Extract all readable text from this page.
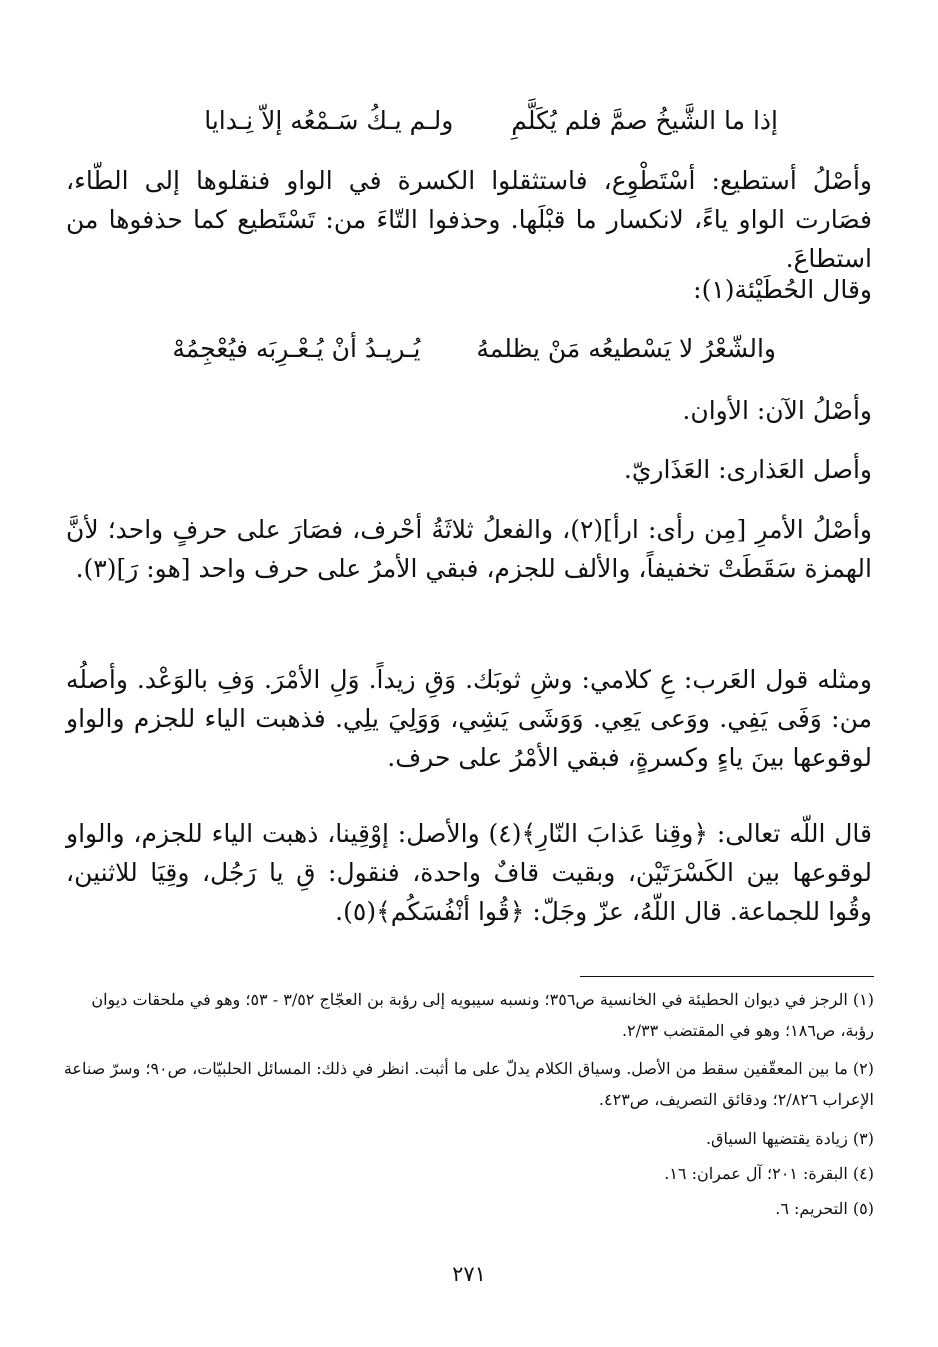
إذا ما الشَّيخُ صمَّ فلم يُكَلَّمِ ولـم يـكُ سَـمْعُه إلاّ نِـدايا
وأصْلُ أستطيع: أسْتَطْوِع، فاستثقلوا الكسرة في الواو فنقلوها إلى الطّاء، فصَارت الواو ياءً، لانكسار ما قبْلَها. وحذفوا التّاءَ من: تَسْتَطيع كما حذفوها من استطاعَ.
وقال الحُطَيْئة(١):
والشّعْرُ لا يَسْطيعُه مَنْ يظلمهُ يُـريـدُ أنْ يُـعْـرِبَه فيُعْجِمُهْ
وأصْلُ الآن: الأوان.
وأصل العَذارى: العَذَاريّ.
وأصْلُ الأمرِ [مِن رأى: ارأ](٢)، والفعلُ ثلاثَةُ أحْرف، فصَارَ على حرفٍ واحد؛ لأنَّ الهمزة سَقَطَتْ تخفيفاً، والألف للجزم، فبقي الأمرُ على حرف واحد [هو: رَ](٣).
ومثله قول العَرب: عِ كلامي: وشِ ثوبَك. وَقِ زيداً. وَلِ الأمْرَ. وَفِ بالوَعْد. وأصلُه من: وَفَى يَفِي. ووَعى يَعِي. وَوَشَى يَشِي، وَوَلِيَ يلِي. فذهبت الياء للجزم والواو لوقوعها بينَ ياءٍ وكسرةٍ، فبقي الأمْرُ على حرف.
قال اللّه تعالى: ﴿وقِنا عَذابَ النّارِ﴾(٤) والأصل: إوْقِينا، ذهبت الياء للجزم، والواو لوقوعها بين الكَسْرَتَيْن، وبقيت قافٌ واحدة، فنقول: قِ يا رَجُل، وقِيَا للاثنين، وقُوا للجماعة. قال اللّهُ، عزّ وجَلّ: ﴿قُوا أنْفُسَكُم﴾(٥).
(١) الرجز في ديوان الحطيئة في الخانسية ص٣٥٦؛ ونسبه سيبويه إلى رؤبة بن العجّاج ٣/٥٢ - ٥٣؛ وهو في ملحقات ديوان رؤبة، ص١٨٦؛ وهو في المقتضب ٢/٣٣.
(٢) ما بين المعقّفين سقط من الأصل. وسياق الكلام يدلّ على ما أثبت. انظر في ذلك: المسائل الحلبيّات، ص٩٠؛ وسرّ صناعة الإعراب ٢/٨٢٦؛ ودقائق التصريف، ص٤٢٣.
(٣) زيادة يقتضيها السياق.
(٤) البقرة: ٢٠١؛ آل عمران: ١٦.
(٥) التحريم: ٦.
٢٧١
